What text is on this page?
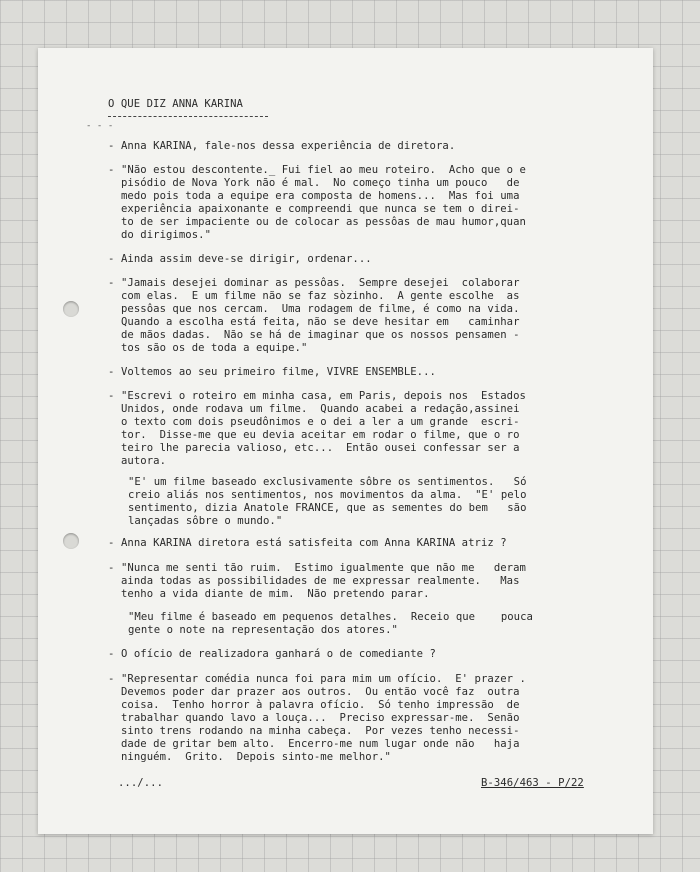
O QUE DIZ ANNA KARINA
- - -
- Anna KARINA, fale-nos dessa experiência de diretora.
- "Não estou descontente._ Fui fiel ao meu roteiro.  Acho que o e
pisódio de Nova York não é mal.  No começo tinha um pouco   de
medo pois toda a equipe era composta de homens...  Mas foi uma
experiência apaixonante e compreendi que nunca se tem o direi-
to de ser impaciente ou de colocar as pessôas de mau humor,quan
do dirigimos."
- Ainda assim deve-se dirigir, ordenar...
- "Jamais desejei dominar as pessôas.  Sempre desejei  colaborar
com elas.  E um filme não se faz sòzinho.  A gente escolhe  as
pessôas que nos cercam.  Uma rodagem de filme, é como na vida.
Quando a escolha está feita, não se deve hesitar em   caminhar
de mãos dadas.  Não se há de imaginar que os nossos pensamen -
tos são os de toda a equipe."
- Voltemos ao seu primeiro filme, VIVRE ENSEMBLE...
- "Escrevi o roteiro em minha casa, em Paris, depois nos  Estados
Unidos, onde rodava um filme.  Quando acabei a redação,assinei
o texto com dois pseudônimos e o dei a ler a um grande  escri-
tor.  Disse-me que eu devia aceitar em rodar o filme, que o ro
teiro lhe parecia valioso, etc...  Então ousei confessar ser a
autora.
"E' um filme baseado exclusivamente sôbre os sentimentos.   Só
creio aliás nos sentimentos, nos movimentos da alma.  "E' pelo
sentimento, dizia Anatole FRANCE, que as sementes do bem   são
lançadas sôbre o mundo."
- Anna KARINA diretora está satisfeita com Anna KARINA atriz ?
- "Nunca me senti tão ruim.  Estimo igualmente que não me   deram
ainda todas as possibilidades de me expressar realmente.   Mas
tenho a vida diante de mim.  Não pretendo parar.
"Meu filme é baseado em pequenos detalhes.  Receio que    pouca
gente o note na representação dos atores."
- O ofício de realizadora ganhará o de comediante ?
- "Representar comédia nunca foi para mim um ofício.  E' prazer .
Devemos poder dar prazer aos outros.  Ou então você faz  outra
coisa.  Tenho horror à palavra ofício.  Só tenho impressão  de
trabalhar quando lavo a louça...  Preciso expressar-me.  Senão
sinto trens rodando na minha cabeça.  Por vezes tenho necessi-
dade de gritar bem alto.  Encerro-me num lugar onde não   haja
ninguém.  Grito.  Depois sinto-me melhor."
.../...	B-346/463 - P/22
